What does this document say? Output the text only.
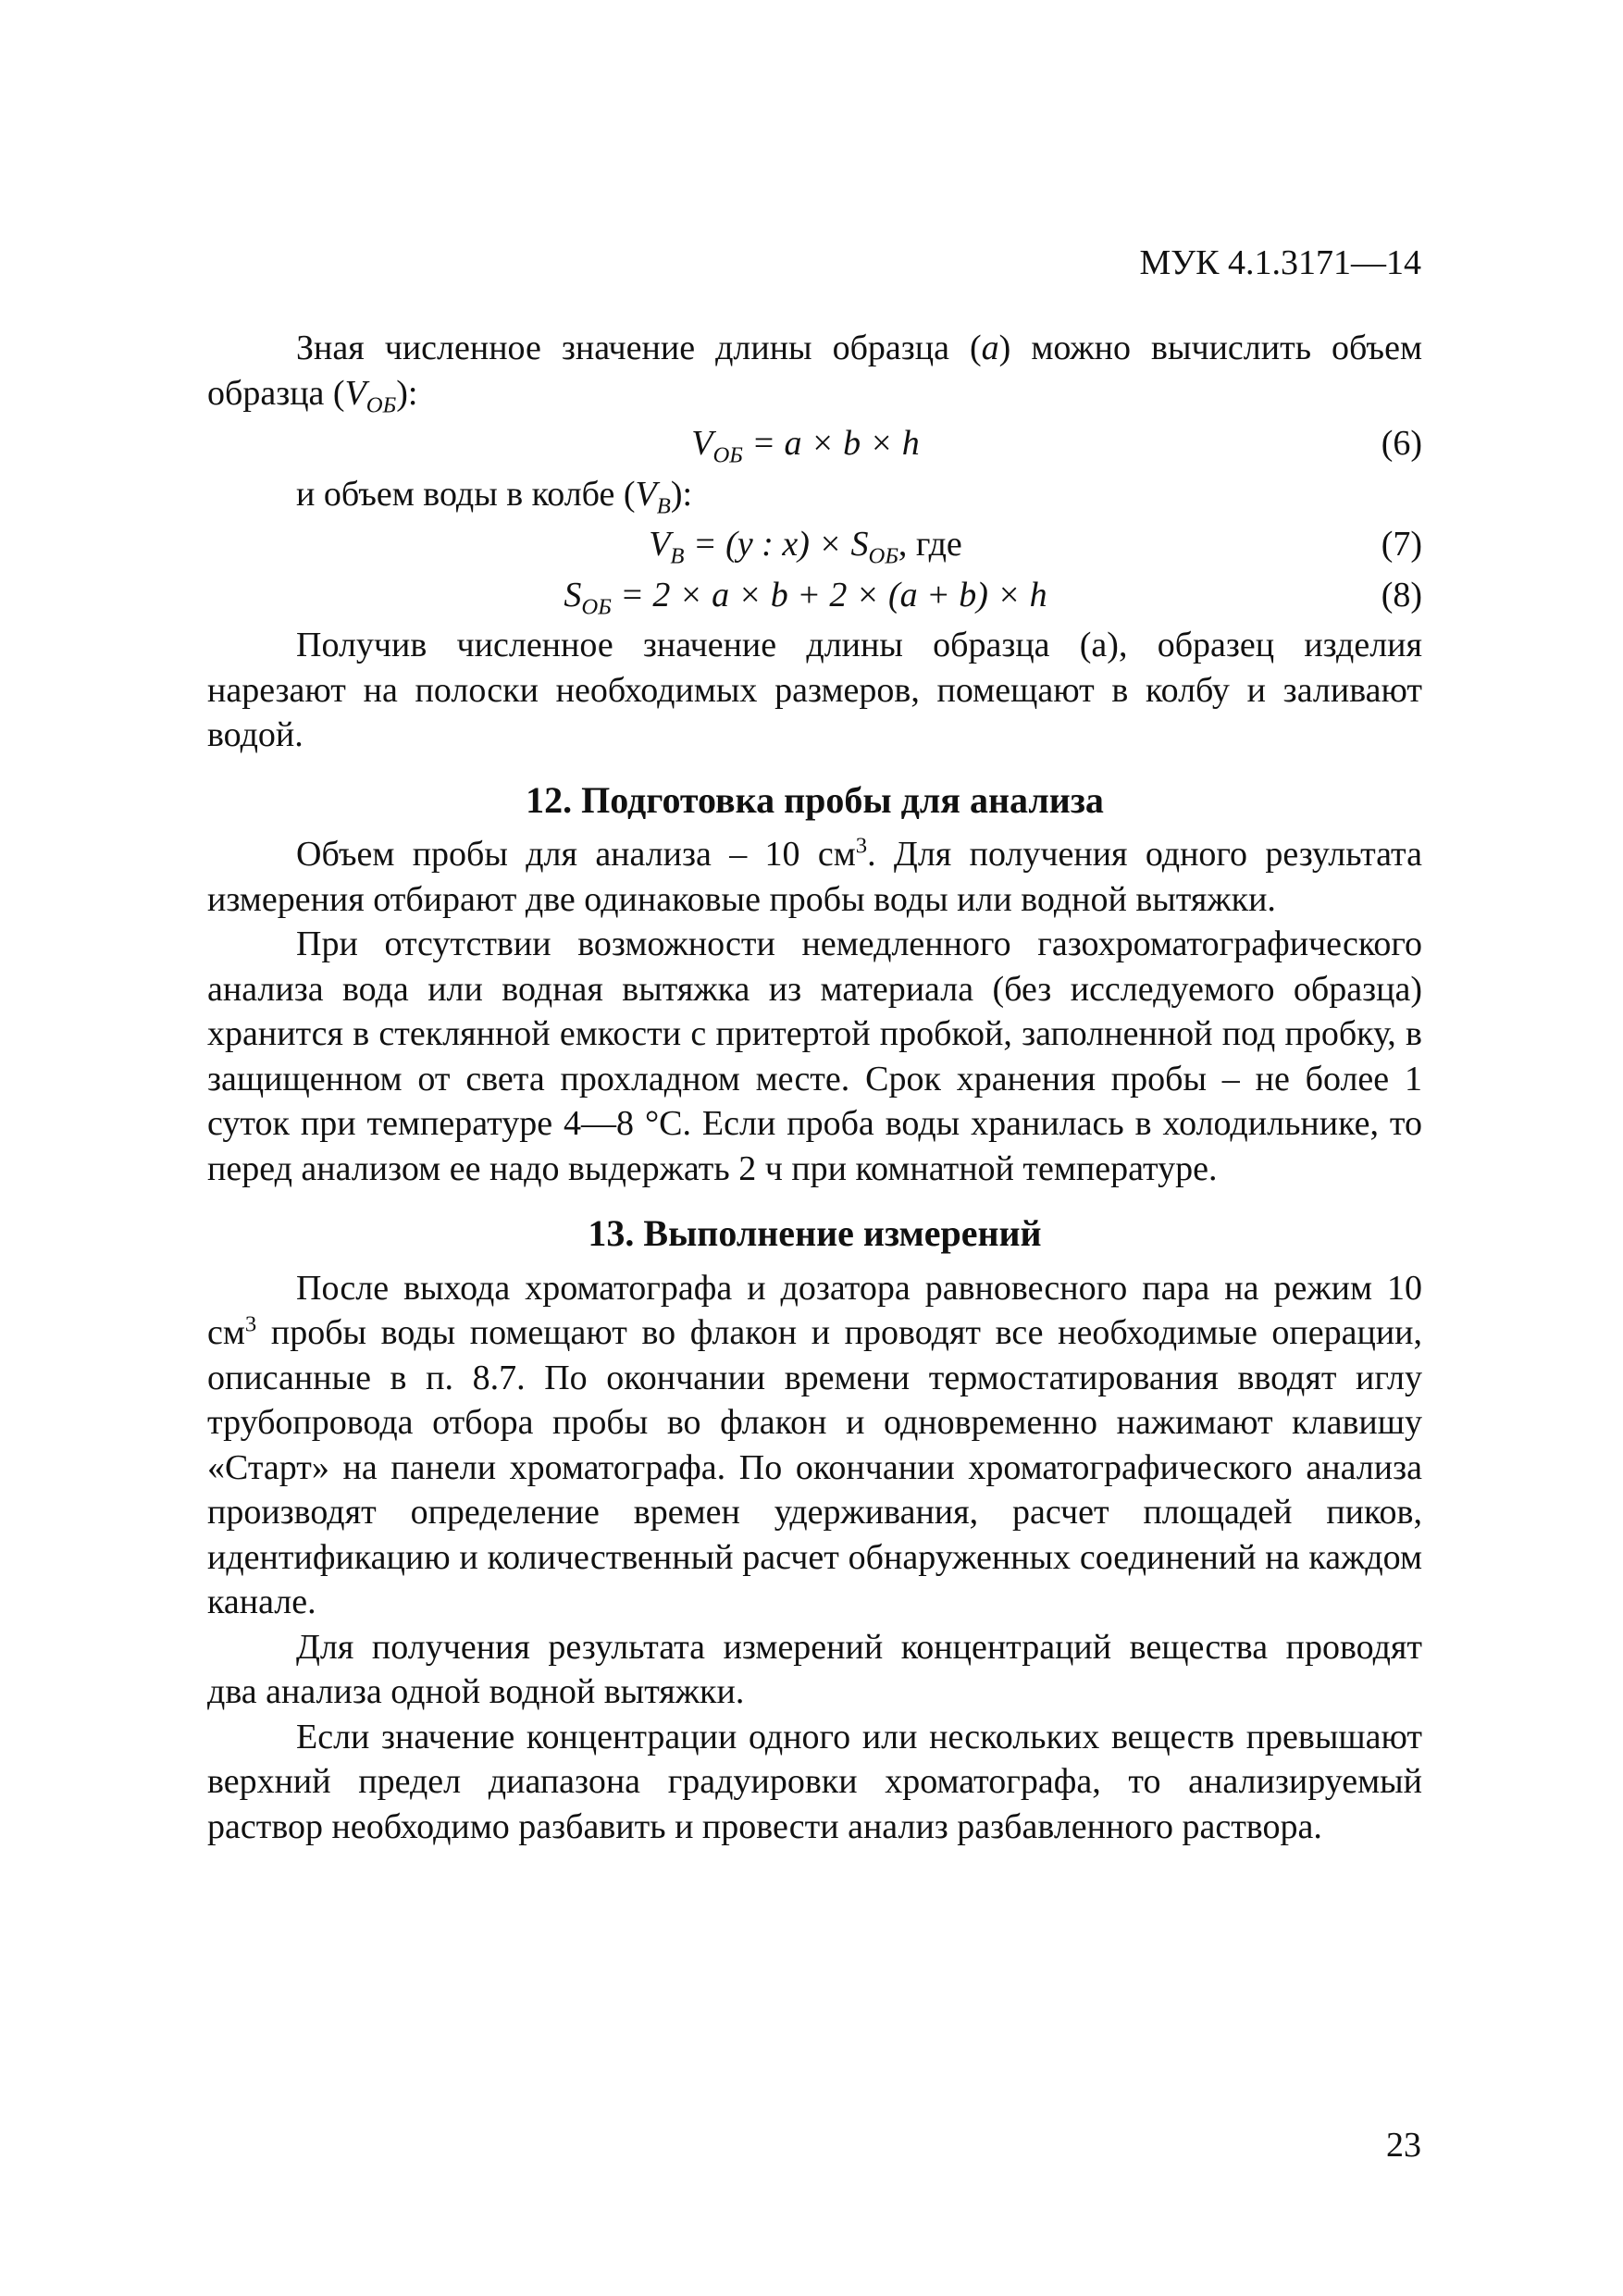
МУК 4.1.3171—14

Зная численное значение длины образца (а) можно вычислить объем образца $(V_{ОБ})$:

$V_{ОБ} = a \times b \times h$	(6)

и объем воды в колбе $(V_В)$:

$V_В = (y$ : $x) \times S_{ОБ}$, где	(7)
$S_{ОБ} = 2 \times a \times b + 2 \times (a + b) \times h$	(8)

Получив численное значение длины образца (а), образец изделия нарезают на полоски необходимых размеров, помещают в колбу и заливают водой.

12. Подготовка пробы для анализа

Объем пробы для анализа – 10 $см^3$. Для получения одного результата измерения отбирают две одинаковые пробы воды или водной вытяжки.

При отсутствии возможности немедленного газохроматографического анализа вода или водная вытяжка из материала (без исследуемого образца) хранится в стеклянной емкости с притертой пробкой, заполненной под пробку, в защищенном от света прохладном месте. Срок хранения пробы – не более 1 суток при температуре 4—8 °С. Если проба воды хранилась в холодильнике, то перед анализом ее надо выдержать 2 ч при комнатной температуре.

13. Выполнение измерений

После выхода хроматографа и дозатора равновесного пара на режим 10 $см^3$ пробы воды помещают во флакон и проводят все необходимые операции, описанные в п. 8.7. По окончании времени термостатирования вводят иглу трубопровода отбора пробы во флакон и одновременно нажимают клавишу «Старт» на панели хроматографа. По окончании хроматографического анализа производят определение времен удерживания, расчет площадей пиков, идентификацию и количественный расчет обнаруженных соединений на каждом канале.

Для получения результата измерений концентраций вещества проводят два анализа одной водной вытяжки.

Если значение концентрации одного или нескольких веществ превышают верхний предел диапазона градуировки хроматографа, то анализируемый раствор необходимо разбавить и провести анализ разбавленного раствора.

23
